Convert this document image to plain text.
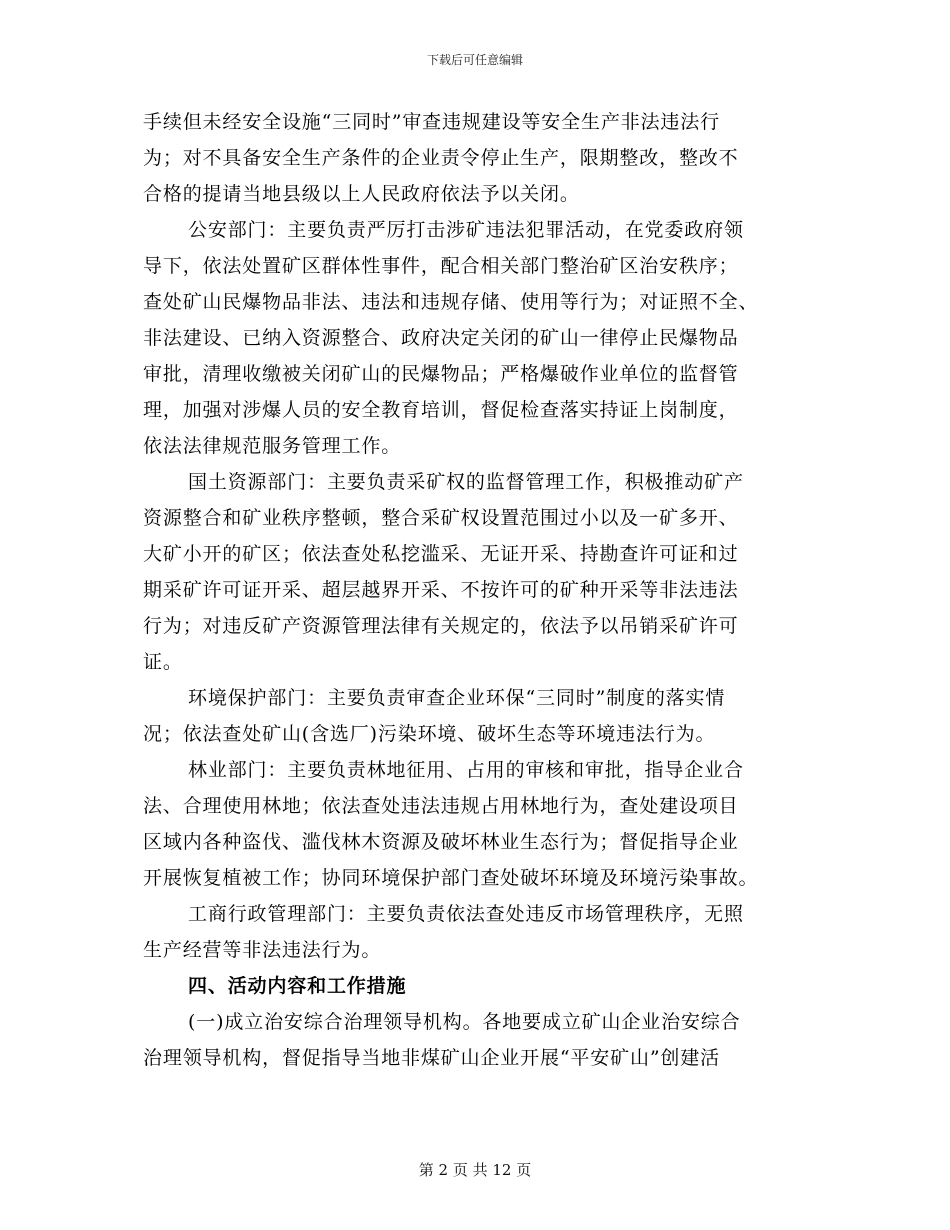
下载后可任意编辑
手续但未经安全设施“三同时”审查违规建设等安全生产非法违法行
为；对不具备安全生产条件的企业责令停止生产，限期整改，整改不
合格的提请当地县级以上人民政府依法予以关闭。
公安部门：主要负责严厉打击涉矿违法犯罪活动，在党委政府领
导下，依法处置矿区群体性事件，配合相关部门整治矿区治安秩序；
查处矿山民爆物品非法、违法和违规存储、使用等行为；对证照不全、
非法建设、已纳入资源整合、政府决定关闭的矿山一律停止民爆物品
审批，清理收缴被关闭矿山的民爆物品；严格爆破作业单位的监督管
理，加强对涉爆人员的安全教育培训，督促检查落实持证上岗制度，
依法法律规范服务管理工作。
国土资源部门：主要负责采矿权的监督管理工作，积极推动矿产
资源整合和矿业秩序整顿，整合采矿权设置范围过小以及一矿多开、
大矿小开的矿区；依法查处私挖滥采、无证开采、持勘查许可证和过
期采矿许可证开采、超层越界开采、不按许可的矿种开采等非法违法
行为；对违反矿产资源管理法律有关规定的，依法予以吊销采矿许可
证。
环境保护部门：主要负责审查企业环保“三同时”制度的落实情
况；依法查处矿山(含选厂)污染环境、破坏生态等环境违法行为。
林业部门：主要负责林地征用、占用的审核和审批，指导企业合
法、合理使用林地；依法查处违法违规占用林地行为，查处建设项目
区域内各种盗伐、滥伐林木资源及破坏林业生态行为；督促指导企业
开展恢复植被工作；协同环境保护部门查处破坏环境及环境污染事故。
工商行政管理部门：主要负责依法查处违反市场管理秩序，无照
生产经营等非法违法行为。
四、活动内容和工作措施
(一)成立治安综合治理领导机构。各地要成立矿山企业治安综合
治理领导机构，督促指导当地非煤矿山企业开展“平安矿山”创建活
第 2 页 共 12 页
